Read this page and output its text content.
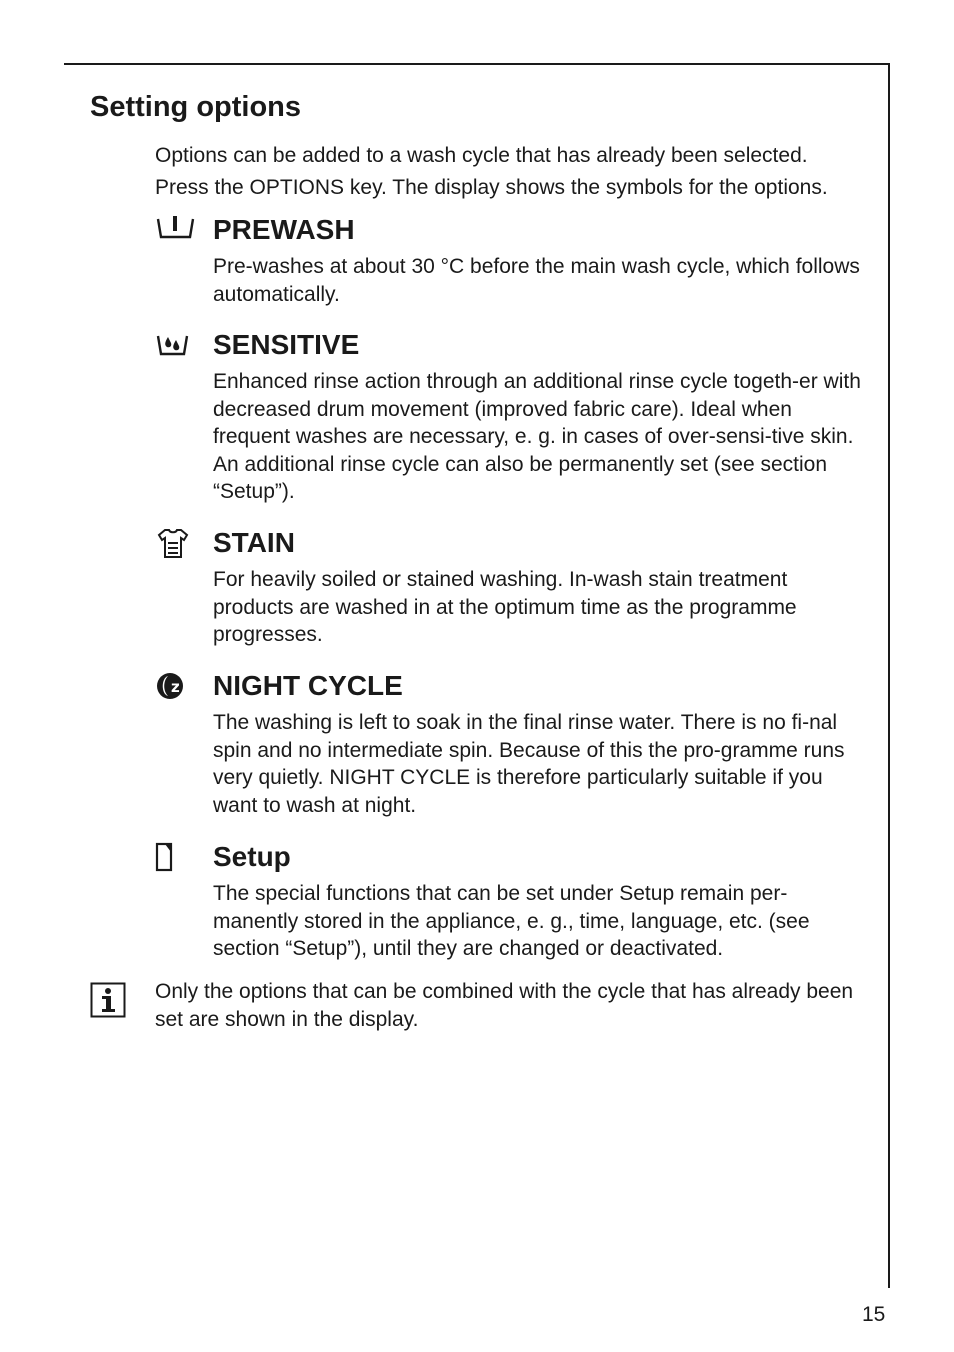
Setting options

Options can be added to a wash cycle that has already been selected.

Press the OPTIONS key. The display shows the symbols for the options.

PREWASH

Pre-washes at about 30 °C before the main wash cycle, which follows automatically.

SENSITIVE

Enhanced rinse action through an additional rinse cycle togeth-er with decreased drum movement (improved fabric care). Ideal when frequent washes are necessary, e. g. in cases of over-sensi-tive skin. An additional rinse cycle can also be permanently set (see section “Setup”).

STAIN

For heavily soiled or stained washing. In-wash stain treatment products are washed in at the optimum time as the programme progresses.

z NIGHT CYCLE

The washing is left to soak in the final rinse water. There is no fi-nal spin and no intermediate spin. Because of this the pro-gramme runs very quietly. NIGHT CYCLE is therefore particularly suitable if you want to wash at night.

Setup

The special functions that can be set under Setup remain per-manently stored in the appliance, e. g., time, language, etc. (see section “Setup”), until they are changed or deactivated.

Only the options that can be combined with the cycle that has already been set are shown in the display.

15
